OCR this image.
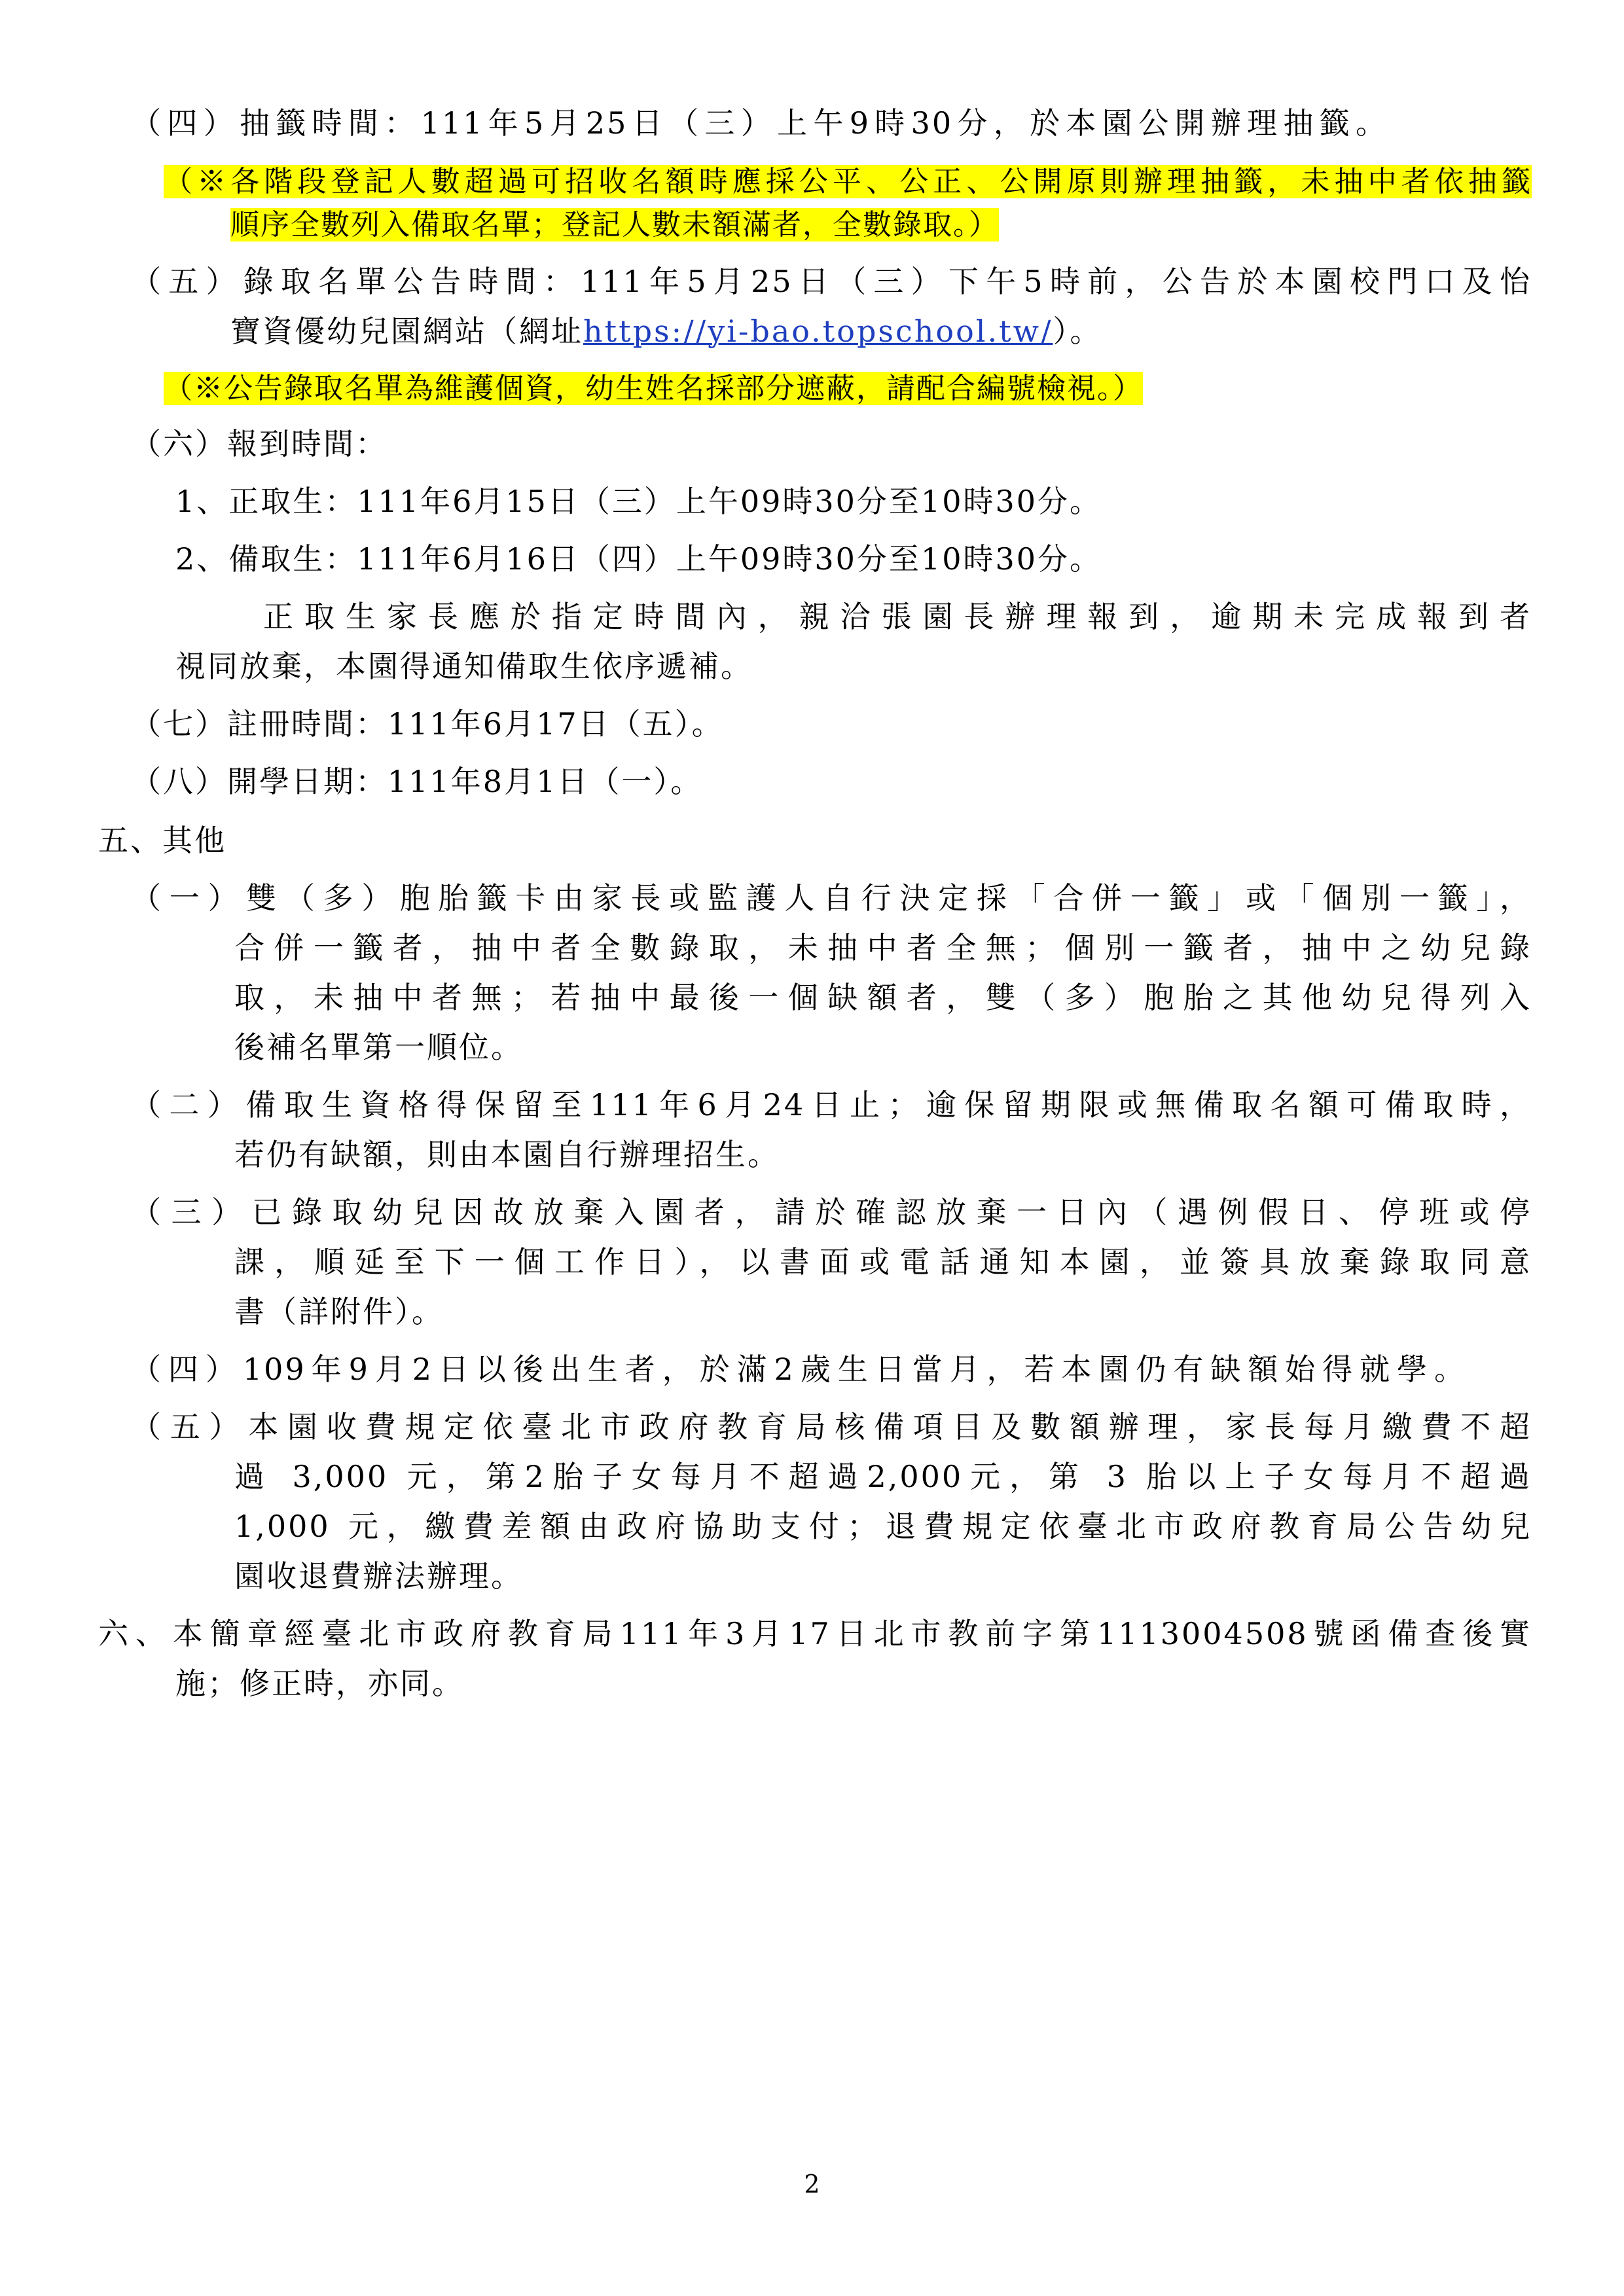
（四）抽籤時間：111年5月25日（三）上午9時30分，於本園公開辦理抽籤。
（※各階段登記人數超過可招收名額時應採公平、公正、公開原則辦理抽籤，未抽中者依抽籤
順序全數列入備取名單；登記人數未額滿者，全數錄取。）
（五）錄取名單公告時間：111年5月25日（三）下午5時前，公告於本園校門口及怡
寶資優幼兒園網站（網址https://yi-bao.topschool.tw/）。
（※公告錄取名單為維護個資，幼生姓名採部分遮蔽，請配合編號檢視。）
（六）報到時間：
1、正取生：111年6月15日（三）上午09時30分至10時30分。
2、備取生：111年6月16日（四）上午09時30分至10時30分。
正取生家長應於指定時間內，親洽張園長辦理報到，逾期未完成報到者
視同放棄，本園得通知備取生依序遞補。
（七）註冊時間：111年6月17日（五）。
（八）開學日期：111年8月1日（一）。
五、其他
（一）雙（多）胞胎籤卡由家長或監護人自行決定採「合併一籤」或「個別一籤」，
合併一籤者，抽中者全數錄取，未抽中者全無；個別一籤者，抽中之幼兒錄
取，未抽中者無；若抽中最後一個缺額者，雙（多）胞胎之其他幼兒得列入
後補名單第一順位。
（二）備取生資格得保留至111年6月24日止；逾保留期限或無備取名額可備取時，
若仍有缺額，則由本園自行辦理招生。
（三）已錄取幼兒因故放棄入園者，請於確認放棄一日內（遇例假日、停班或停
課，順延至下一個工作日），以書面或電話通知本園，並簽具放棄錄取同意
書（詳附件）。
（四）109年9月2日以後出生者，於滿2歲生日當月，若本園仍有缺額始得就學。
（五）本園收費規定依臺北市政府教育局核備項目及數額辦理，家長每月繳費不超
過 3,000 元，第2胎子女每月不超過2,000元，第 3 胎以上子女每月不超過
1,000 元，繳費差額由政府協助支付；退費規定依臺北市政府教育局公告幼兒
園收退費辦法辦理。
六、本簡章經臺北市政府教育局111年3月17日北市教前字第1113004508號函備查後實
施；修正時，亦同。
2
